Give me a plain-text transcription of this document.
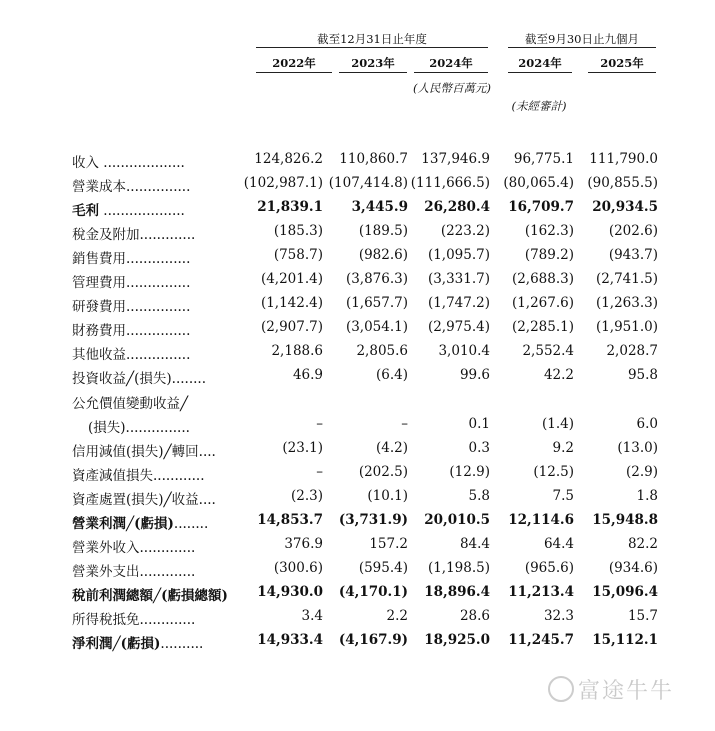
截至12月31日止年度	截至9月30日止九個月
2022年	2023年	2024年	2024年	2025年
(人民幣百萬元)
(未經審計)
收入 ...................	124,826.2	110,860.7 137,946.9	96,775.1	111,790.0
營業成本...............	(102,987.1) (107,414.8) (111,666.5) (80,065.4) (90,855.5)
毛利 ...................	21,839.1	3,445.9	26,280.4	16,709.7	20,934.5
稅金及附加.............	(185.3)	(189.5)	(223.2)	(162.3)	(202.6)
銷售費用...............	(758.7)	(982.6)	(1,095.7)	(789.2)	(943.7)
管理費用...............	(4,201.4)	(3,876.3)	(3,331.7)	(2,688.3)	(2,741.5)
研發費用...............	(1,142.4)	(1,657.7)	(1,747.2)	(1,267.6)	(1,263.3)
財務費用...............	(2,907.7)	(3,054.1)	(2,975.4)	(2,285.1)	(1,951.0)
其他收益...............	2,188.6	2,805.6	3,010.4	2,552.4	2,028.7
投資收益╱(損失)........	46.9	(6.4)	99.6	42.2	95.8
公允價值變動收益╱
(損失)...............	–	–	0.1	(1.4)	6.0
信用減值(損失)╱轉回....	(23.1)	(4.2)	0.3	9.2	(13.0)
資產減值損失............	–	(202.5)	(12.9)	(12.5)	(2.9)
資產處置(損失)╱收益....	(2.3)	(10.1)	5.8	7.5	1.8
營業利潤╱(虧損)........	14,853.7	(3,731.9)	20,010.5	12,114.6	15,948.8
營業外收入.............	376.9	157.2	84.4	64.4	82.2
營業外支出.............	(300.6)	(595.4)	(1,198.5)	(965.6)	(934.6)
稅前利潤總額╱(虧損總額)	14,930.0	(4,170.1)	18,896.4	11,213.4	15,096.4
所得稅抵免.............	3.4	2.2	28.6	32.3	15.7
淨利潤╱(虧損)..........	14,933.4	(4,167.9)	18,925.0	11,245.7	15,112.1
富途牛牛
